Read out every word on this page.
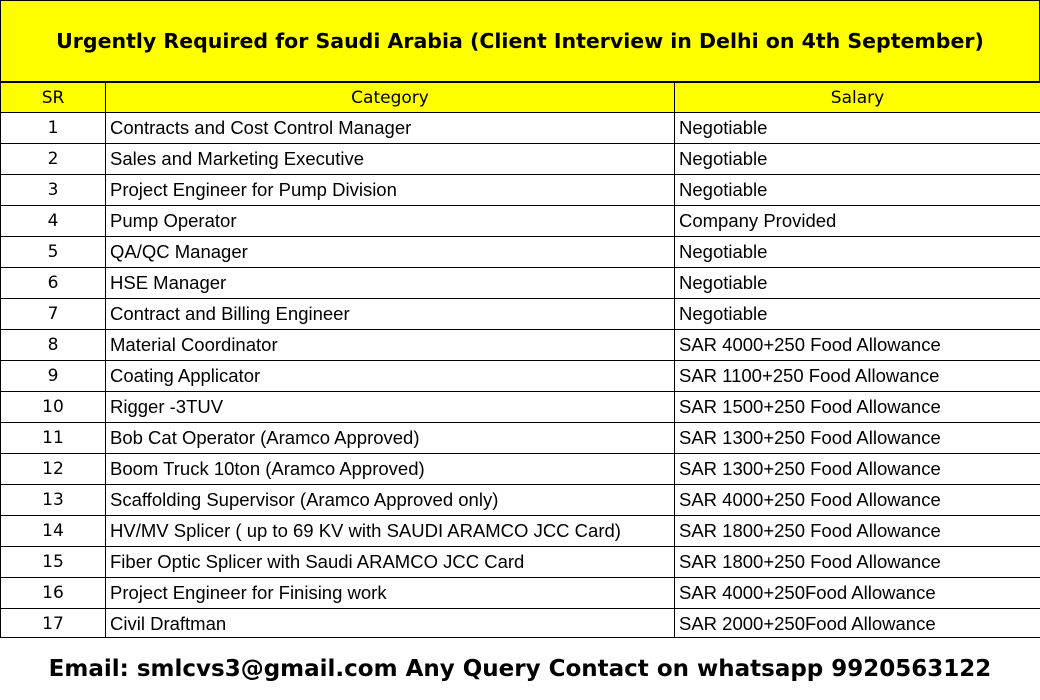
Urgently Required for Saudi Arabia (Client Interview in Delhi on 4th September)
SR	Category	Salary
1	Contracts and Cost Control Manager	Negotiable
2	Sales and Marketing Executive	Negotiable
3	Project Engineer for Pump Division	Negotiable
4	Pump Operator	Company Provided
5	QA/QC Manager	Negotiable
6	HSE Manager	Negotiable
7	Contract and Billing Engineer	Negotiable
8	Material Coordinator	SAR 4000+250 Food Allowance
9	Coating Applicator	SAR 1100+250 Food Allowance
10	Rigger -3TUV	SAR 1500+250 Food Allowance
11	Bob Cat Operator (Aramco Approved)	SAR 1300+250 Food Allowance
12	Boom Truck 10ton (Aramco Approved)	SAR 1300+250 Food Allowance
13	Scaffolding Supervisor (Aramco Approved only)	SAR 4000+250 Food Allowance
14	HV/MV Splicer ( up to 69 KV with SAUDI ARAMCO JCC Card)	SAR 1800+250 Food Allowance
15	Fiber Optic Splicer with Saudi ARAMCO JCC Card	SAR 1800+250 Food Allowance
16	Project Engineer for Finising work	SAR 4000+250Food Allowance
17	Civil Draftman	SAR 2000+250Food Allowance
Email: smlcvs3@gmail.com Any Query Contact on whatsapp 9920563122
